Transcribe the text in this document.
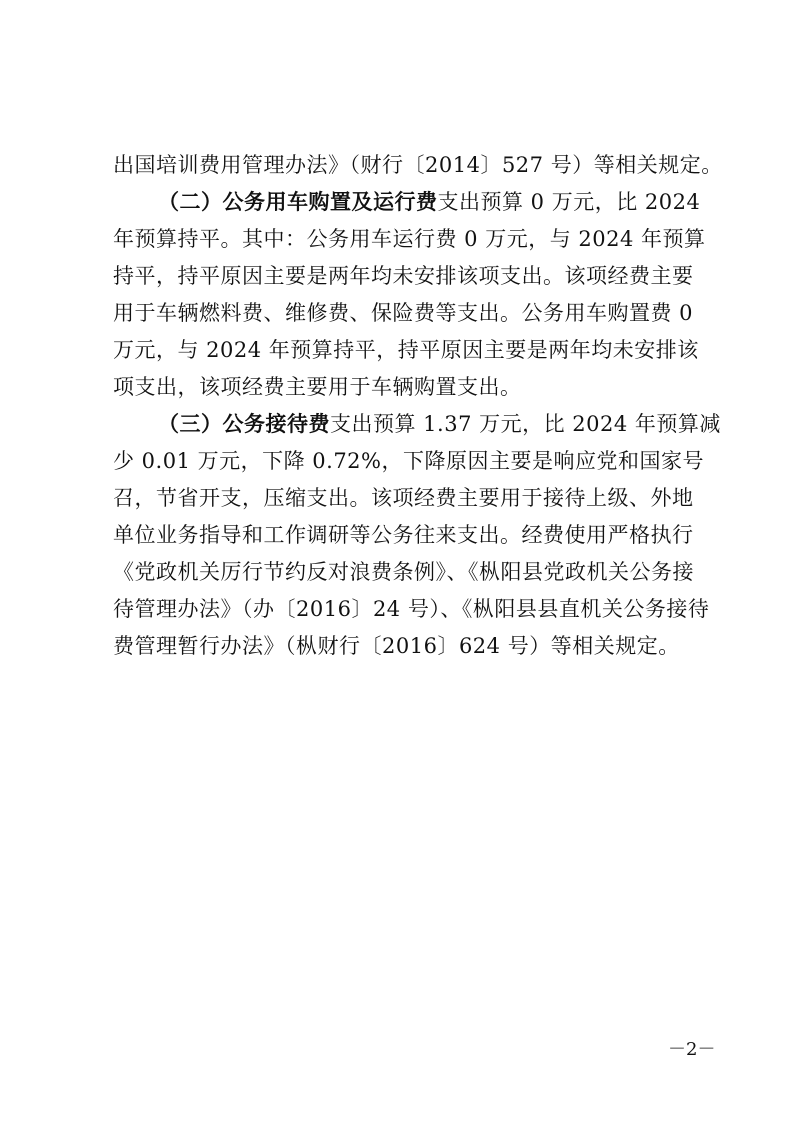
出国培训费用管理办法》（财行〔2014〕527 号）等相关规定。
（二）公务用车购置及运行费支出预算 0 万元，比 2024
年预算持平。其中：公务用车运行费 0 万元，与 2024 年预算
持平，持平原因主要是两年均未安排该项支出。该项经费主要
用于车辆燃料费、维修费、保险费等支出。公务用车购置费 0
万元，与 2024 年预算持平，持平原因主要是两年均未安排该
项支出，该项经费主要用于车辆购置支出。
（三）公务接待费支出预算 1.37 万元，比 2024 年预算减
少 0.01 万元，下降 0.72%，下降原因主要是响应党和国家号
召，节省开支，压缩支出。该项经费主要用于接待上级、外地
单位业务指导和工作调研等公务往来支出。经费使用严格执行
《党政机关厉行节约反对浪费条例》、《枞阳县党政机关公务接
待管理办法》（办〔2016〕24 号）、《枞阳县县直机关公务接待
费管理暂行办法》（枞财行〔2016〕624 号）等相关规定。
－2－
